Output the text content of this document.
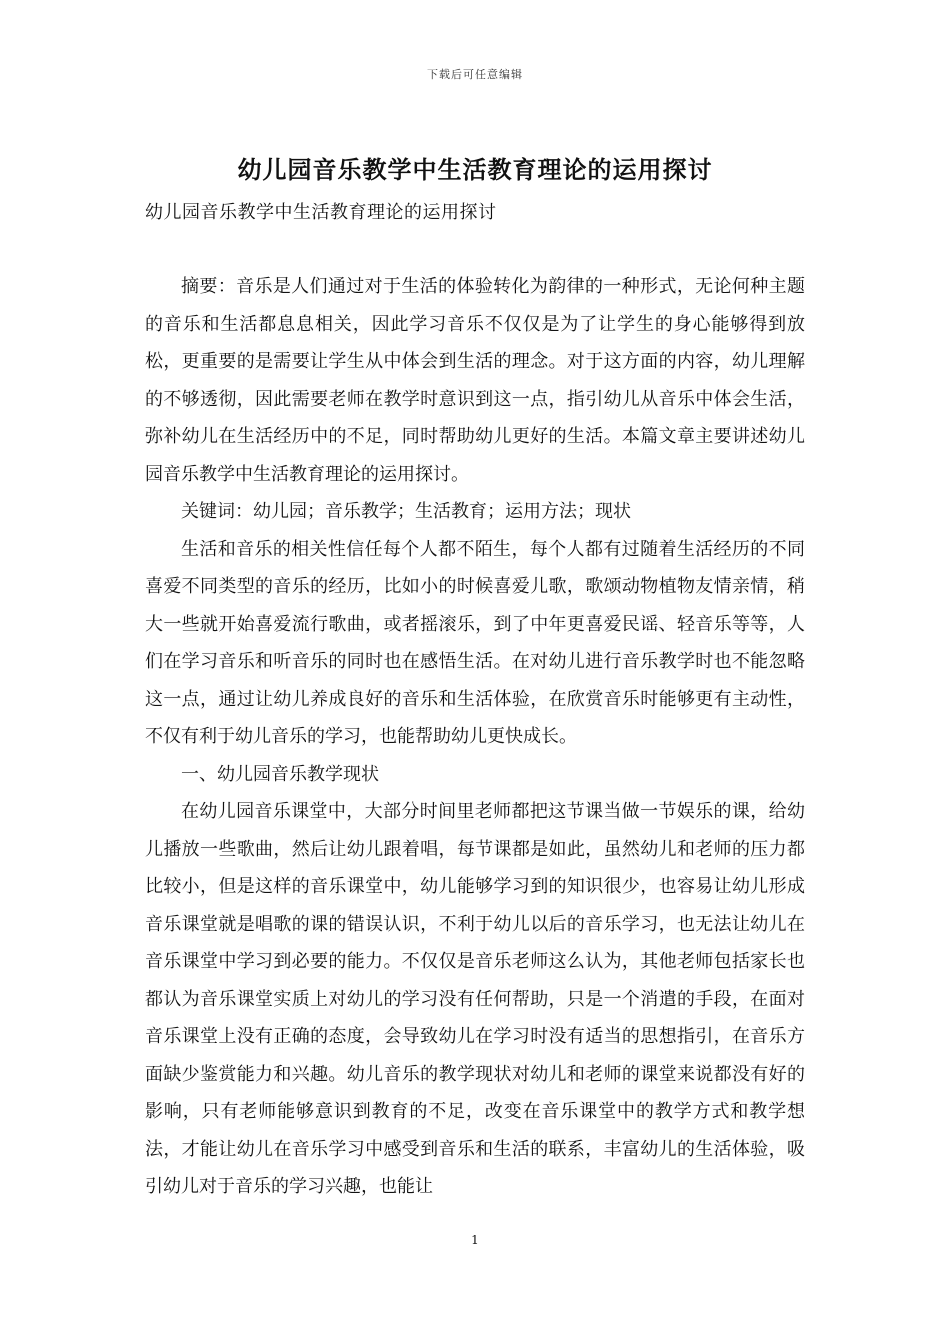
下载后可任意编辑
幼儿园音乐教学中生活教育理论的运用探讨
幼儿园音乐教学中生活教育理论的运用探讨

摘要：音乐是人们通过对于生活的体验转化为韵律的一种形式，无论何种主题的音乐和生活都息息相关，因此学习音乐不仅仅是为了让学生的身心能够得到放松，更重要的是需要让学生从中体会到生活的理念。对于这方面的内容，幼儿理解的不够透彻，因此需要老师在教学时意识到这一点，指引幼儿从音乐中体会生活，弥补幼儿在生活经历中的不足，同时帮助幼儿更好的生活。本篇文章主要讲述幼儿园音乐教学中生活教育理论的运用探讨。

关键词：幼儿园；音乐教学；生活教育；运用方法；现状

生活和音乐的相关性信任每个人都不陌生，每个人都有过随着生活经历的不同喜爱不同类型的音乐的经历，比如小的时候喜爱儿歌，歌颂动物植物友情亲情，稍大一些就开始喜爱流行歌曲，或者摇滚乐，到了中年更喜爱民谣、轻音乐等等，人们在学习音乐和听音乐的同时也在感悟生活。在对幼儿进行音乐教学时也不能忽略这一点，通过让幼儿养成良好的音乐和生活体验，在欣赏音乐时能够更有主动性，不仅有利于幼儿音乐的学习，也能帮助幼儿更快成长。

一、幼儿园音乐教学现状

在幼儿园音乐课堂中，大部分时间里老师都把这节课当做一节娱乐的课，给幼儿播放一些歌曲，然后让幼儿跟着唱，每节课都是如此，虽然幼儿和老师的压力都比较小，但是这样的音乐课堂中，幼儿能够学习到的知识很少，也容易让幼儿形成音乐课堂就是唱歌的课的错误认识，不利于幼儿以后的音乐学习，也无法让幼儿在音乐课堂中学习到必要的能力。不仅仅是音乐老师这么认为，其他老师包括家长也都认为音乐课堂实质上对幼儿的学习没有任何帮助，只是一个消遣的手段，在面对音乐课堂上没有正确的态度，会导致幼儿在学习时没有适当的思想指引，在音乐方面缺少鉴赏能力和兴趣。幼儿音乐的教学现状对幼儿和老师的课堂来说都没有好的影响，只有老师能够意识到教育的不足，改变在音乐课堂中的教学方式和教学想法，才能让幼儿在音乐学习中感受到音乐和生活的联系，丰富幼儿的生活体验，吸引幼儿对于音乐的学习兴趣，也能让

1
